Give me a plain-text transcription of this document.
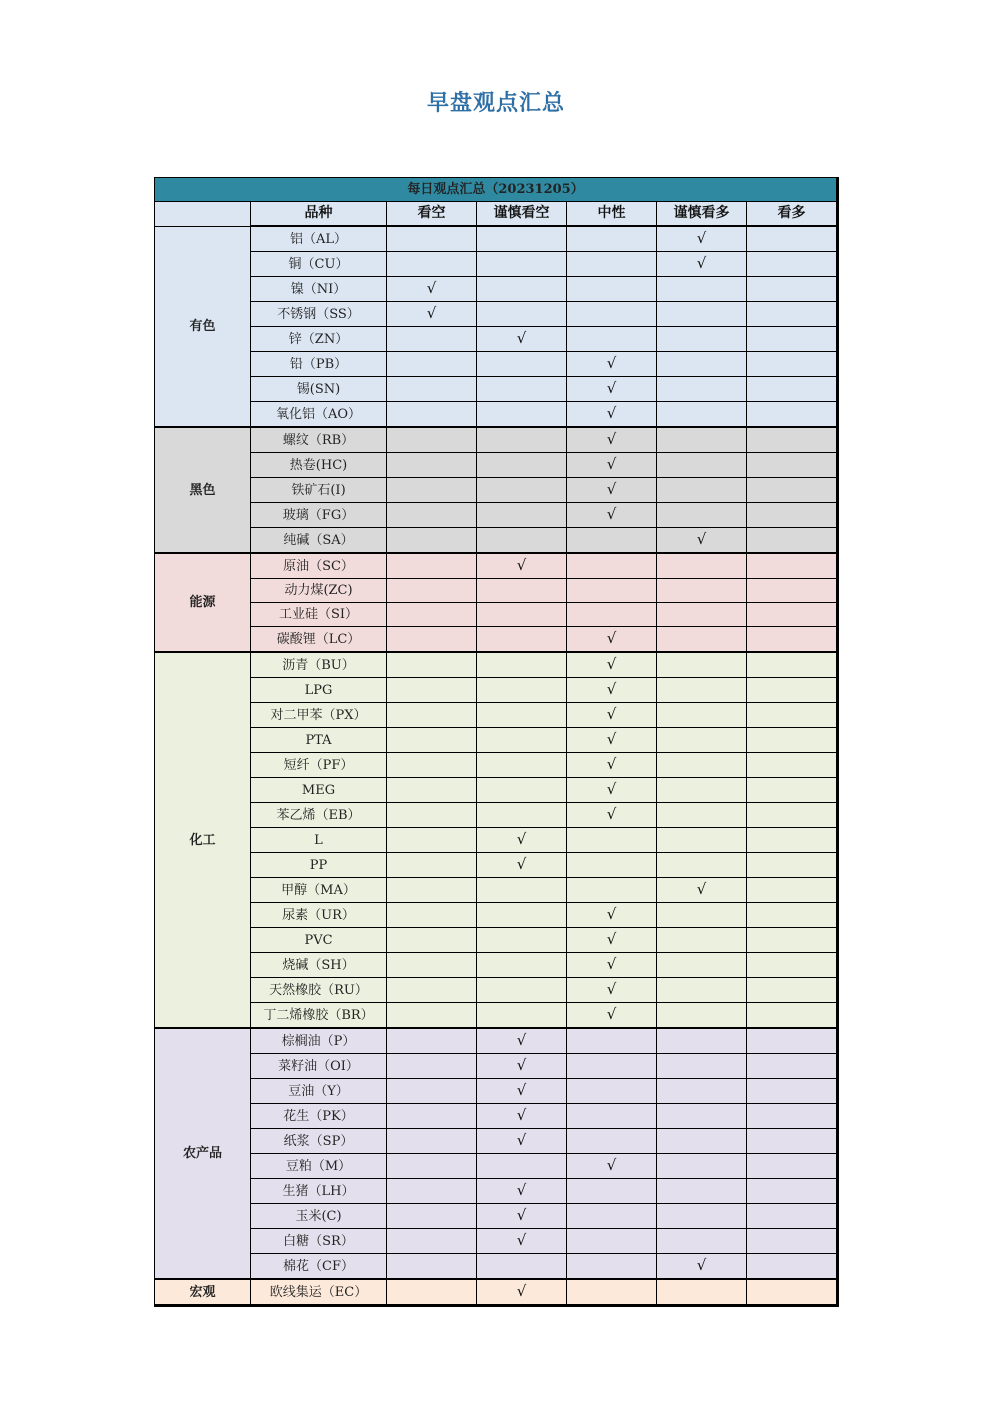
早盘观点汇总
每日观点汇总（20231205）						
	品种	看空	谨慎看空	中性	谨慎看多	看多
有色	铝（AL）				√	
	铜（CU）				√	
	镍（NI）	√				
	不锈钢（SS）	√				
	锌（ZN）		√			
	铅（PB）			√		
	锡(SN)			√		
	氧化铝（AO）			√		
黑色	螺纹（RB）			√		
	热卷(HC)			√		
	铁矿石(I)			√		
	玻璃（FG）			√		
	纯碱（SA）				√	
能源	原油（SC）		√			
	动力煤(ZC)					
	工业硅（SI）					
	碳酸锂（LC）			√		
化工	沥青（BU）			√		
	LPG			√		
	对二甲苯（PX）			√		
	PTA			√		
	短纤（PF）			√		
	MEG			√		
	苯乙烯（EB）			√		
	L		√			
	PP		√			
	甲醇（MA）				√	
	尿素（UR）			√		
	PVC			√		
	烧碱（SH）			√		
	天然橡胶（RU）			√		
	丁二烯橡胶（BR）			√		
农产品	棕榈油（P）		√			
	菜籽油（OI）		√			
	豆油（Y）		√			
	花生（PK）		√			
	纸浆（SP）		√			
	豆粕（M）			√		
	生猪（LH）		√			
	玉米(C)		√			
	白糖（SR）		√			
	棉花（CF）				√	
宏观	欧线集运（EC）		√			
